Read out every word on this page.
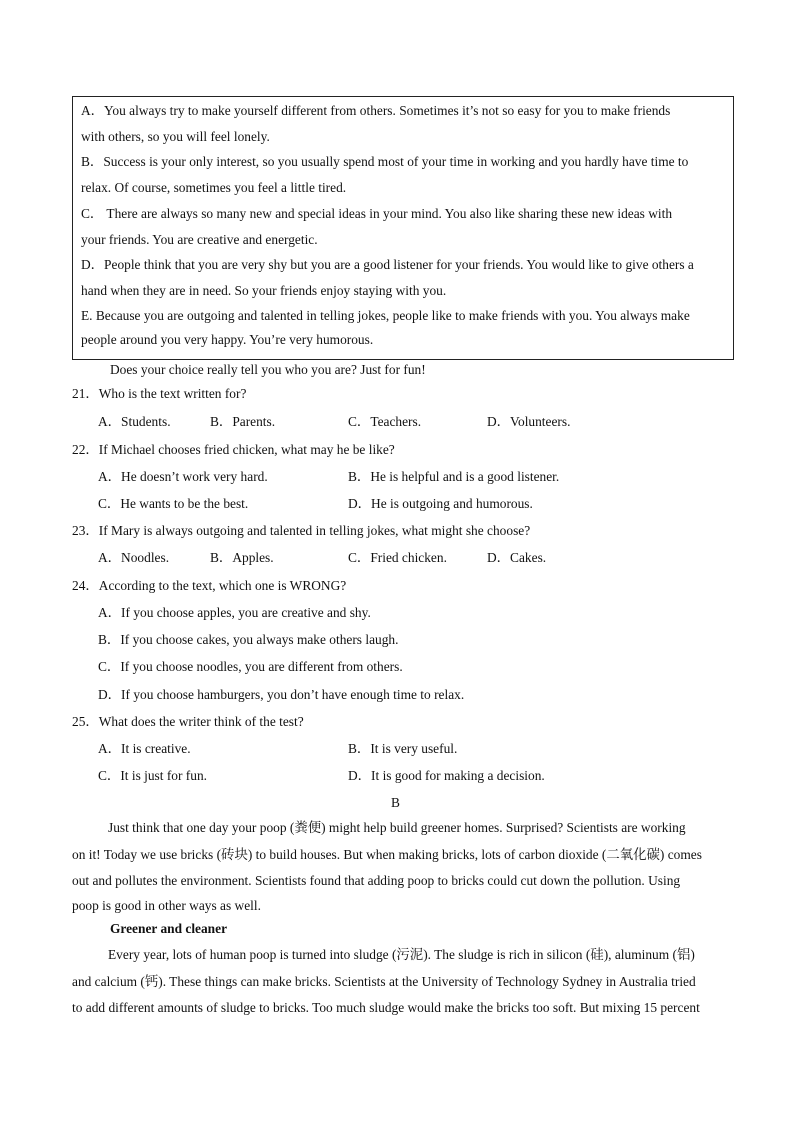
A．You always try to make yourself different from others. Sometimes it’s not so easy for you to make friends
with others, so you will feel lonely.
B．Success is your only interest, so you usually spend most of your time in working and you hardly have time to
relax. Of course, sometimes you feel a little tired.
C． There are always so many new and special ideas in your mind. You also like sharing these new ideas with
your friends. You are creative and energetic.
D．People think that you are very shy but you are a good listener for your friends. You would like to give others a
hand when they are in need. So your friends enjoy staying with you.
E. Because you are outgoing and talented in telling jokes, people like to make friends with you. You always make
people around you very happy. You’re very humorous.
Does your choice really tell you who you are? Just for fun!
21．Who is the text written for?
A．Students.	B．Parents.	C．Teachers.	D．Volunteers.
22．If Michael chooses fried chicken, what may he be like?
A．He doesn’t work very hard.	B．He is helpful and is a good listener.
C．He wants to be the best.	D．He is outgoing and humorous.
23．If Mary is always outgoing and talented in telling jokes, what might she choose?
A．Noodles.	B．Apples.	C．Fried chicken.	D．Cakes.
24．According to the text, which one is WRONG?
A．If you choose apples, you are creative and shy.
B．If you choose cakes, you always make others laugh.
C．If you choose noodles, you are different from others.
D．If you choose hamburgers, you don’t have enough time to relax.
25．What does the writer think of the test?
A．It is creative.	B．It is very useful.
C．It is just for fun.	D．It is good for making a decision.
B
Just think that one day your poop (粪便) might help build greener homes. Surprised? Scientists are working
on it! Today we use bricks (砖块) to build houses. But when making bricks, lots of carbon dioxide (二氧化碳) comes
out and pollutes the environment. Scientists found that adding poop to bricks could cut down the pollution. Using
poop is good in other ways as well.
Greener and cleaner
Every year, lots of human poop is turned into sludge (污泥). The sludge is rich in silicon (硅), aluminum (铝)
and calcium (钙). These things can make bricks. Scientists at the University of Technology Sydney in Australia tried
to add different amounts of sludge to bricks. Too much sludge would make the bricks too soft. But mixing 15 percent
